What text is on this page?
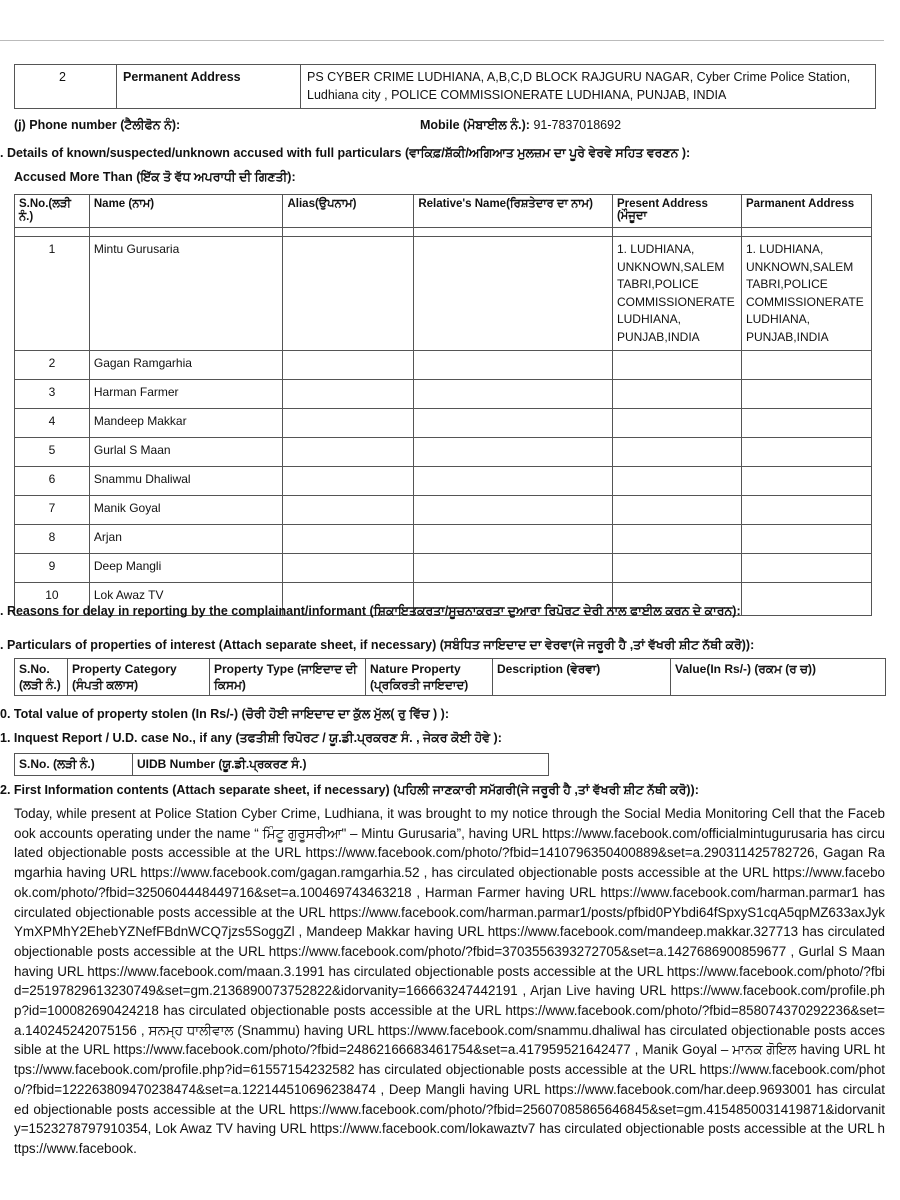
2	Permanent Address	PS CYBER CRIME LUDHIANA, A,B,C,D BLOCK RAJGURU NAGAR, Cyber Crime Police Station, Ludhiana city , POLICE COMMISSIONERATE LUDHIANA, PUNJAB, INDIA
(j) Phone number (ਟੈਲੀਫੋਨ ਨੰ):	Mobile (ਮੋਬਾਈਲ ਨੰ.): 91-7837018692
. Details of known/suspected/unknown accused with full particulars (ਵਾਕਿਫ਼/ਸ਼ੱਕੀ/ਅਗਿਆਤ ਮੁਲਜ਼ਮ ਦਾ ਪੂਰੇ ਵੇਰਵੇ ਸਹਿਤ ਵਰਣਨ ):
Accused More Than (ਇੱਕ ਤੋ ਵੱਧ ਅਪਰਾਧੀ ਦੀ ਗਿਣਤੀ):
S.No.(ਲੜੀ ਨੰ.)	Name (ਨਾਮ)	Alias(ਉਪਨਾਮ)	Relative's Name(ਰਿਸ਼ਤੇਦਾਰ ਦਾ ਨਾਮ)	Present Address (ਮੌਜੂਦਾ	Parmanent Address

1	Mintu Gurusaria			1. LUDHIANA, UNKNOWN,SALEM TABRI,POLICE COMMISSIONERATE LUDHIANA, PUNJAB,INDIA	1. LUDHIANA, UNKNOWN,SALEM TABRI,POLICE COMMISSIONERATE LUDHIANA, PUNJAB,INDIA
2	Gagan Ramgarhia				
3	Harman Farmer				
4	Mandeep Makkar				
5	Gurlal S Maan				
6	Snammu Dhaliwal				
7	Manik Goyal				
8	Arjan				
9	Deep Mangli				
10	Lok Awaz TV				
. Reasons for delay in reporting by the complainant/informant (ਸ਼ਿਕਾਇਤਕਰਤਾ/ਸੂਚਨਾਕਰਤਾ ਦੁਆਰਾ ਰਿਪੋਰਟ ਦੇਰੀ ਨਾਲ ਫਾਈਲ ਕਰਨ ਦੇ ਕਾਰਨ):
. Particulars of properties of interest (Attach separate sheet, if necessary) (ਸਬੰਧਿਤ ਜਾਇਦਾਦ ਦਾ ਵੇਰਵਾ(ਜੇ ਜਰੂਰੀ ਹੈ ,ਤਾਂ ਵੱਖਰੀ ਸ਼ੀਟ ਨੱਥੀ ਕਰੋ)):
S.No. (ਲੜੀ ਨੰ.)	Property Category (ਸੰਪਤੀ ਕਲਾਸ)	Property Type (ਜਾਇਦਾਦ ਦੀ ਕਿਸਮ)	Nature Property (ਪ੍ਰਕਿਰਤੀ ਜਾਇਦਾਦ)	Description (ਵੇਰਵਾ)	Value(In Rs/-) (ਰਕਮ (ਰ ਚ))
0. Total value of property stolen (In Rs/-) (ਚੋਰੀ ਹੋਈ ਜਾਇਦਾਦ ਦਾ ਕੁੱਲ ਮੁੱਲ( ਰੁ ਵਿੱਚ ) ):
1. Inquest Report / U.D. case No., if any (ਤਫਤੀਸ਼ੀ ਰਿਪੋਰਟ / ਯੂ.ਡੀ.ਪ੍ਰਕਰਣ ਸੰ. , ਜੇਕਰ ਕੋਈ ਹੋਵੇ ):
S.No. (ਲੜੀ ਨੰ.)	UIDB Number (ਯੂ.ਡੀ.ਪ੍ਰਕਰਣ ਸੰ.)
2. First Information contents (Attach separate sheet, if necessary) (ਪਹਿਲੀ ਜਾਣਕਾਰੀ ਸਮੱਗਰੀ(ਜੇ ਜਰੂਰੀ ਹੈ ,ਤਾਂ ਵੱਖਰੀ ਸ਼ੀਟ ਨੱਥੀ ਕਰੋ)):
Today, while present at Police Station Cyber Crime, Ludhiana, it was brought to my notice through the Social Media Monitoring Cell that the Facebook accounts operating under the name “ ਮਿੰਟੂ ਗੁਰੂਸਰੀਆ" – Mintu Gurusaria”, having URL https://www.facebook.com/officialmintugurusaria has circulated objectionable posts accessible at the URL https://www.facebook.com/photo/?fbid=1410796350400889&set=a.290311425782726, Gagan Ramgarhia having URL https://www.facebook.com/gagan.ramgarhia.52 , has circulated objectionable posts accessible at the URL https://www.facebook.com/photo/?fbid=3250604448449716&set=a.100469743463218 , Harman Farmer having URL https://www.facebook.com/harman.parmar1 has circulated objectionable posts accessible at the URL https://www.facebook.com/harman.parmar1/posts/pfbid0PYbdi64fSpxyS1cqA5qpMZ633axJykYmXPMhY2EhebYZNefFBdnWCQ7jzs5SoggZl , Mandeep Makkar having URL https://www.facebook.com/mandeep.makkar.327713 has circulated objectionable posts accessible at the URL https://www.facebook.com/photo/?fbid=3703556393272705&set=a.1427686900859677 , Gurlal S Maan having URL https://www.facebook.com/maan.3.1991 has circulated objectionable posts accessible at the URL https://www.facebook.com/photo/?fbid=2519782961323074​9&set=gm.2136890073752822&idorvanity=166663247442191 , Arjan Live having URL https://www.facebook.com/profile.php?id=100082690424218 has circulated objectionable posts accessible at the URL https://www.facebook.com/photo/?fbid=858074370292236&set=a.140245242075156 , ਸਨਮ੍ਹ ਧਾਲੀਵਾਲ (Snammu) having URL https://www.facebook.com/snammu.dhaliwal has circulated objectionable posts accessible at the URL https://www.facebook.com/photo/?fbid=2486216668346175​4&set=a.417959521642477 , Manik Goyal – ਮਾਨਕ ਗੋਇਲ having URL https://www.facebook.com/profile.php?id=61557154232582 has circulated objectionable posts accessible at the URL https://www.facebook.com/photo/?fbid=122263809470238474&set=a.122144510696238474 , Deep Mangli having URL https://www.facebook.com/har.deep.9693001 has circulated objectionable posts accessible at the URL https://www.facebook.com/photo/?fbid=2560708586564684​5&set=gm.4154850031419871&idorvanity=1523278797910354, Lok Awaz TV having URL https://www.facebook.com/lokawaztv7 has circulated objectionable posts accessible at the URL https://www.facebook.
